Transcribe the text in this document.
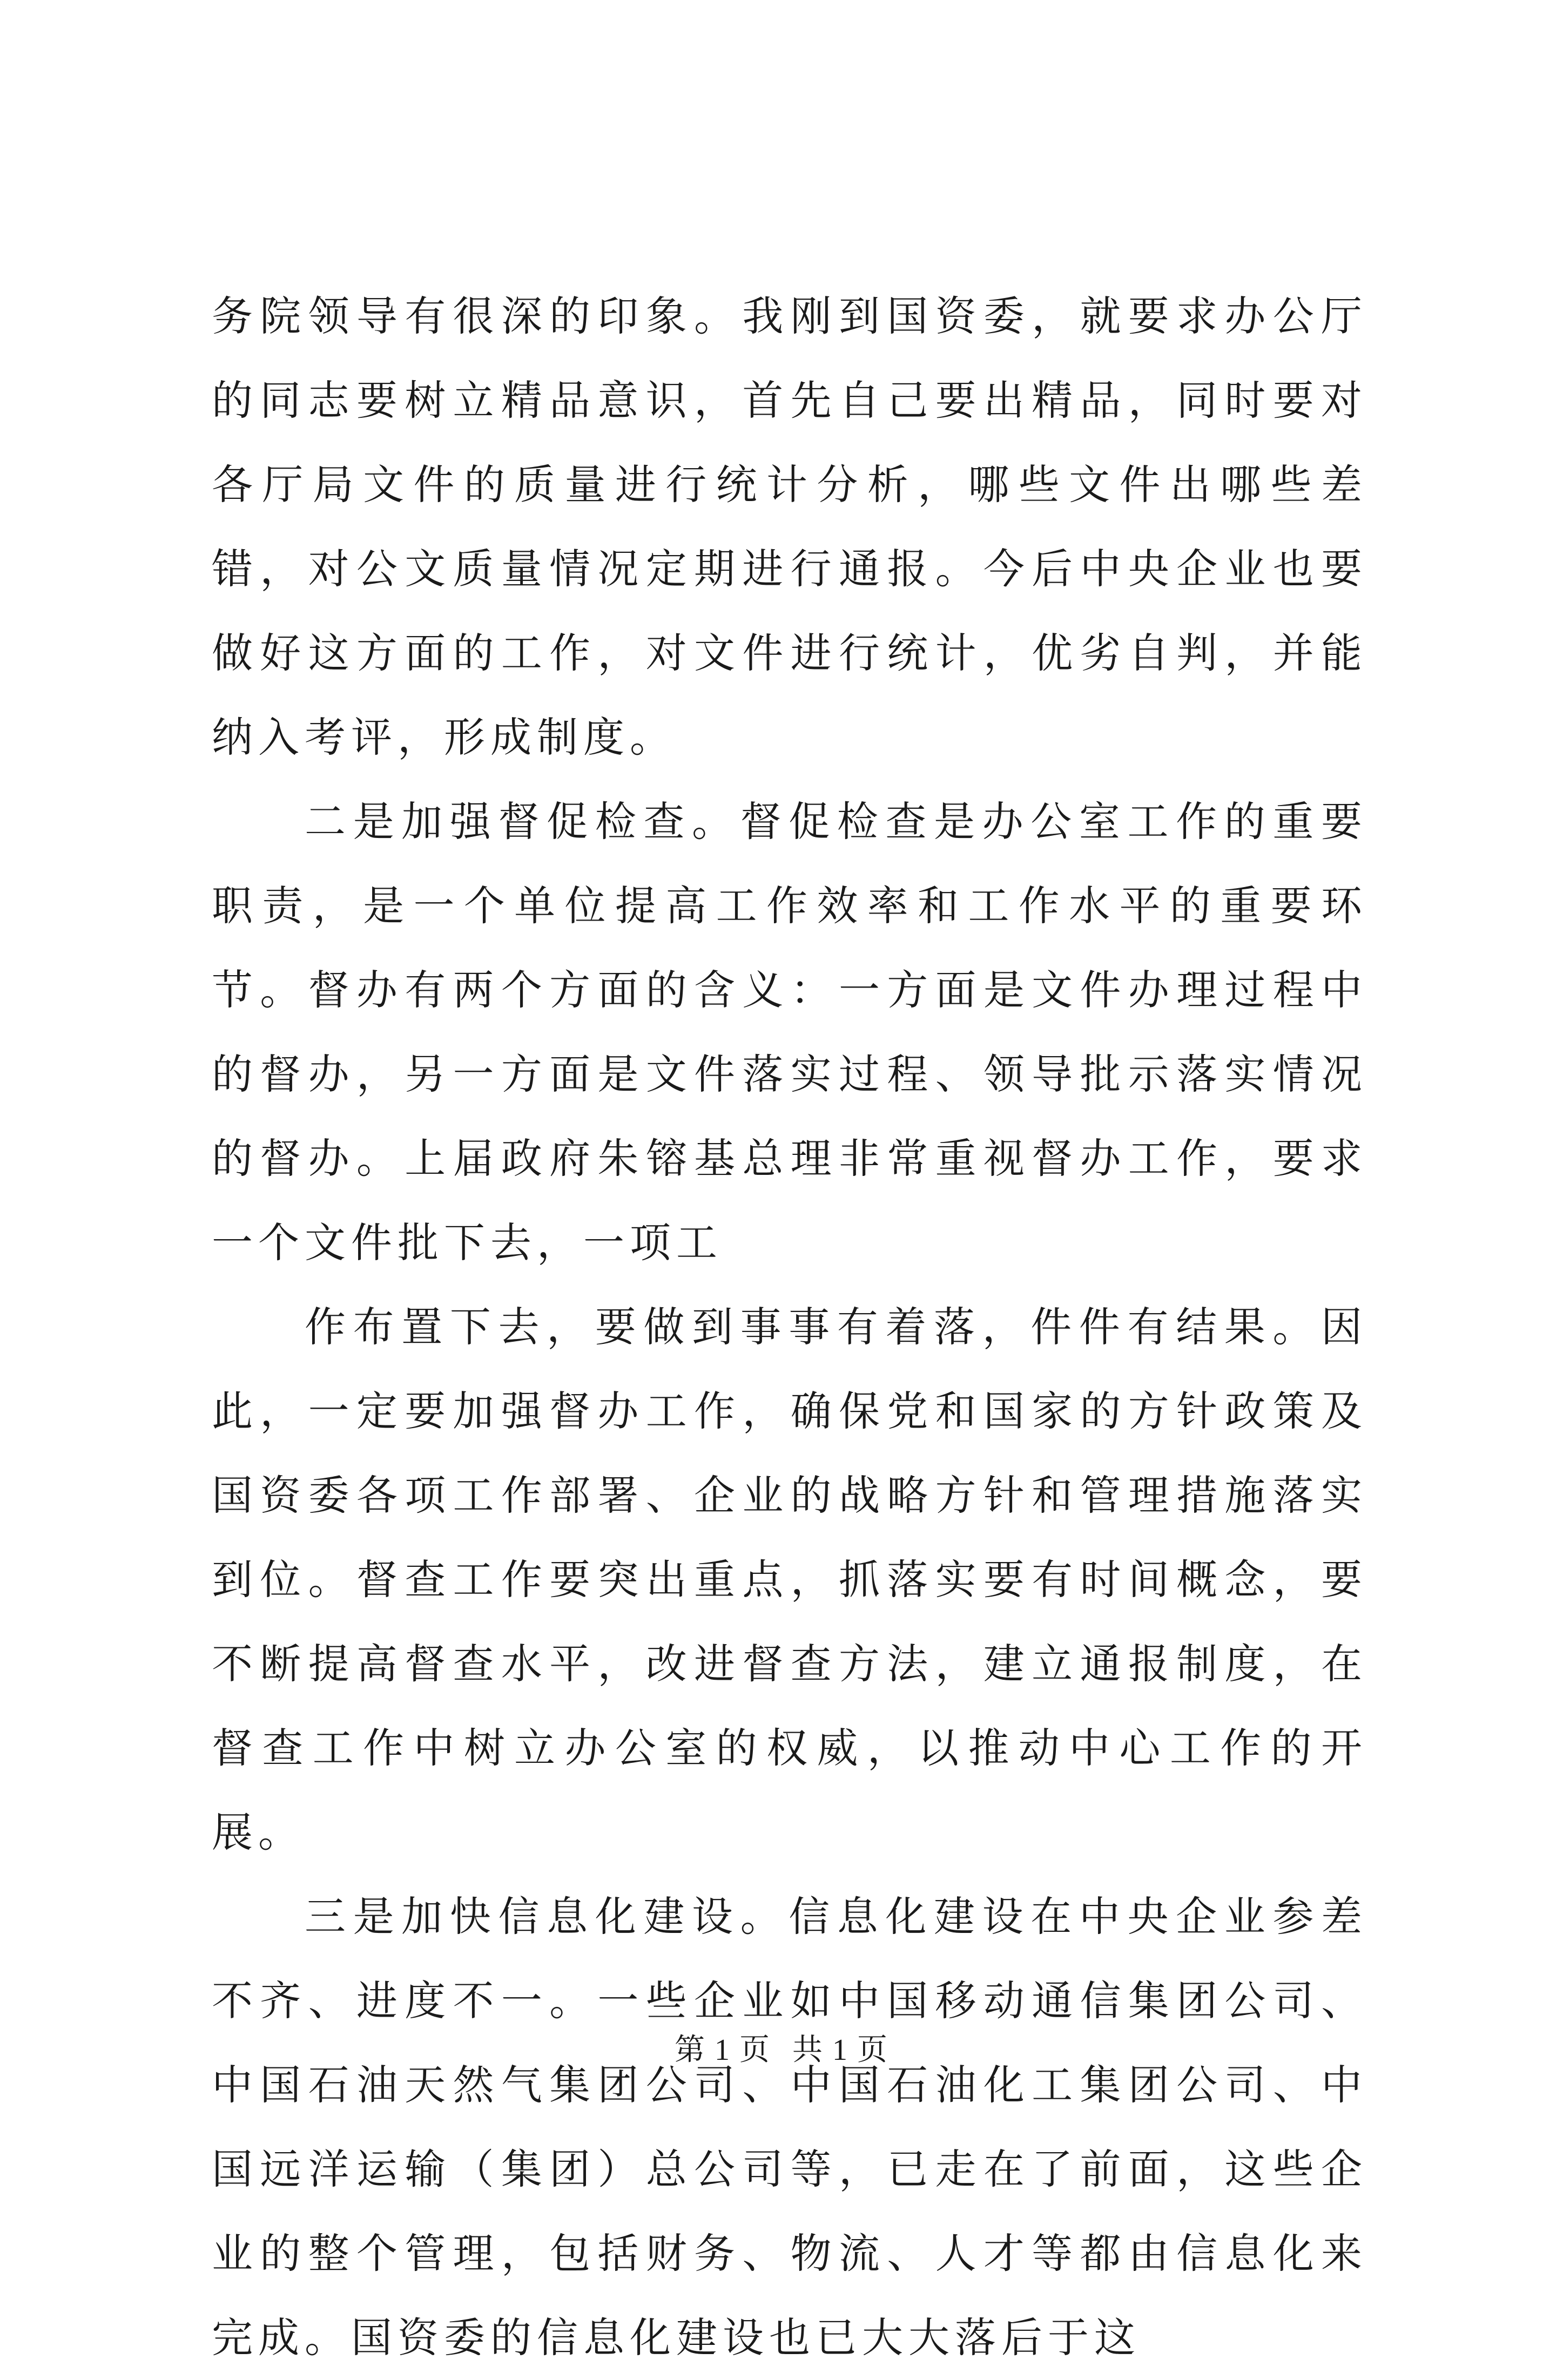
务院领导有很深的印象。我刚到国资委，就要求办公厅的同志要树立精品意识，首先自己要出精品，同时要对各厅局文件的质量进行统计分析，哪些文件出哪些差错，对公文质量情况定期进行通报。今后中央企业也要做好这方面的工作，对文件进行统计，优劣自判，并能纳入考评，形成制度。

二是加强督促检查。督促检查是办公室工作的重要职责，是一个单位提高工作效率和工作水平的重要环节。督办有两个方面的含义：一方面是文件办理过程中的督办，另一方面是文件落实过程、领导批示落实情况的督办。上届政府朱镕基总理非常重视督办工作，要求一个文件批下去，一项工

作布置下去，要做到事事有着落，件件有结果。因此，一定要加强督办工作，确保党和国家的方针政策及国资委各项工作部署、企业的战略方针和管理措施落实到位。督查工作要突出重点，抓落实要有时间概念，要不断提高督查水平，改进督查方法，建立通报制度，在督查工作中树立办公室的权威，以推动中心工作的开展。

三是加快信息化建设。信息化建设在中央企业参差不齐、进度不一。一些企业如中国移动通信集团公司、中国石油天然气集团公司、中国石油化工集团公司、中国远洋运输（集团）总公司等，已走在了前面，这些企业的整个管理，包括财务、物流、人才等都由信息化来完成。国资委的信息化建设也已大大落后于这

第 1 页 共 1 页
